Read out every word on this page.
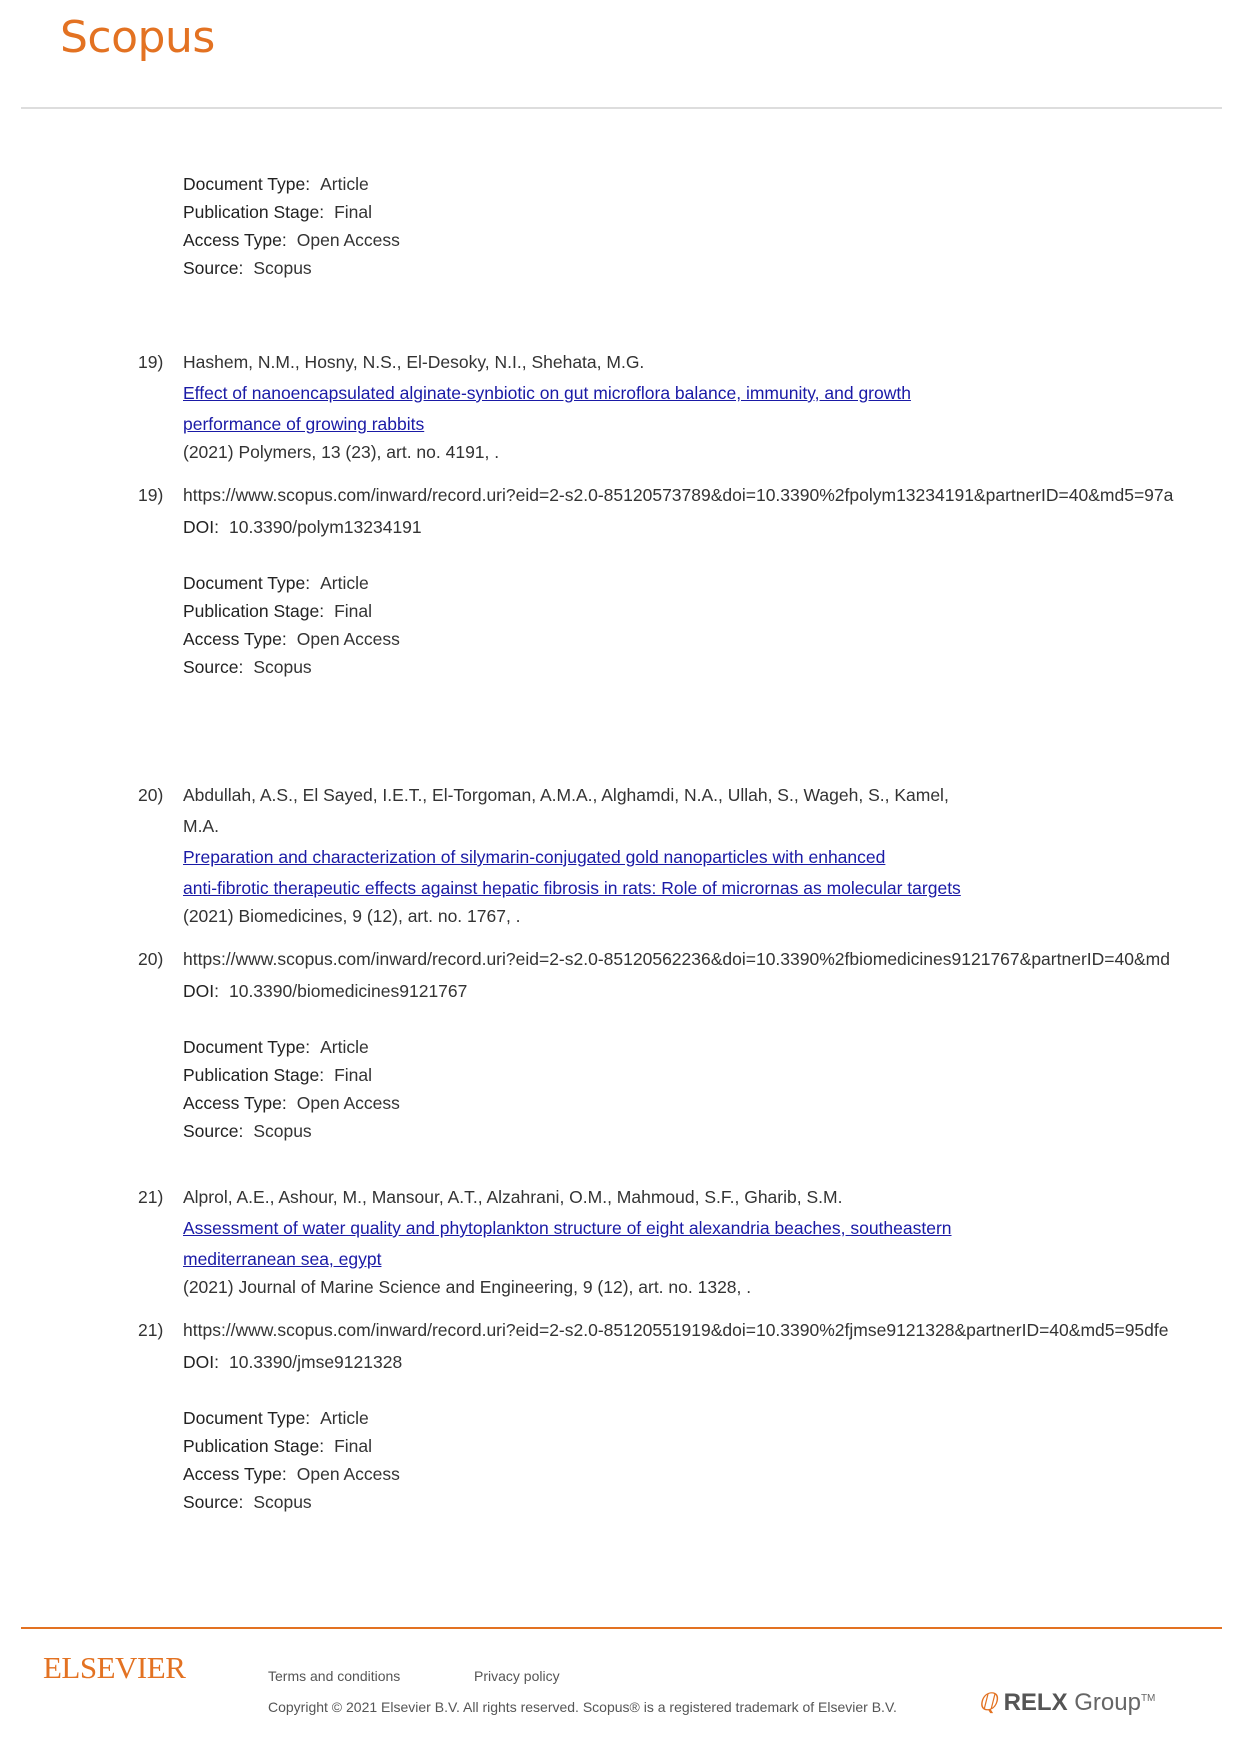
Scopus
Document Type: Article
Publication Stage: Final
Access Type: Open Access
Source: Scopus
19) Hashem, N.M., Hosny, N.S., El-Desoky, N.I., Shehata, M.G.
Effect of nanoencapsulated alginate-synbiotic on gut microflora balance, immunity, and growth
performance of growing rabbits
(2021) Polymers, 13 (23), art. no. 4191, .
19) https://www.scopus.com/inward/record.uri?eid=2-s2.0-85120573789&doi=10.3390%2fpolym13234191&partnerID=40&md5=97a
DOI: 10.3390/polym13234191
Document Type: Article
Publication Stage: Final
Access Type: Open Access
Source: Scopus
20) Abdullah, A.S., El Sayed, I.E.T., El-Torgoman, A.M.A., Alghamdi, N.A., Ullah, S., Wageh, S., Kamel,
M.A.
Preparation and characterization of silymarin-conjugated gold nanoparticles with enhanced
anti-fibrotic therapeutic effects against hepatic fibrosis in rats: Role of micrornas as molecular targets
(2021) Biomedicines, 9 (12), art. no. 1767, .
20) https://www.scopus.com/inward/record.uri?eid=2-s2.0-85120562236&doi=10.3390%2fbiomedicines9121767&partnerID=40&md
DOI: 10.3390/biomedicines9121767
Document Type: Article
Publication Stage: Final
Access Type: Open Access
Source: Scopus
21) Alprol, A.E., Ashour, M., Mansour, A.T., Alzahrani, O.M., Mahmoud, S.F., Gharib, S.M.
Assessment of water quality and phytoplankton structure of eight alexandria beaches, southeastern
mediterranean sea, egypt
(2021) Journal of Marine Science and Engineering, 9 (12), art. no. 1328, .
21) https://www.scopus.com/inward/record.uri?eid=2-s2.0-85120551919&doi=10.3390%2fjmse9121328&partnerID=40&md5=95dfe
DOI: 10.3390/jmse9121328
Document Type: Article
Publication Stage: Final
Access Type: Open Access
Source: Scopus
ELSEVIER	Terms and conditions	Privacy policy
Copyright © 2021 Elsevier B.V. All rights reserved. Scopus® is a registered trademark of Elsevier B.V.	ℚ RELX Group™
